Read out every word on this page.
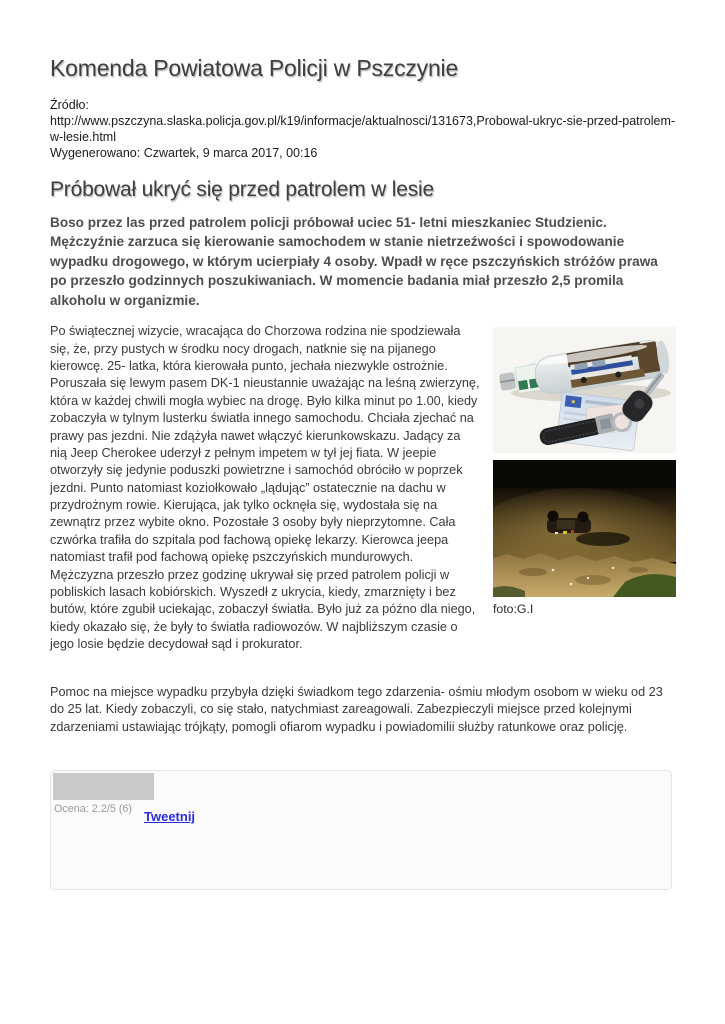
Komenda Powiatowa Policji w Pszczynie
Źródło:
http://www.pszczyna.slaska.policja.gov.pl/k19/informacje/aktualnosci/131673,Probowal-ukryc-sie-przed-patrolem-w-lesie.html
Wygenerowano: Czwartek, 9 marca 2017, 00:16
Próbował ukryć się przed patrolem w lesie

Boso przez las przed patrolem policji próbował uciec 51- letni mieszkaniec Studzienic. Mężczyźnie zarzuca się kierowanie samochodem w stanie nietrzeźwości i spowodowanie wypadku drogowego, w którym ucierpiały 4 osoby. Wpadł w ręce pszczyńskich stróżów prawa po przeszło godzinnych poszukiwaniach. W momencie badania miał przeszło 2,5 promila alkoholu w organizmie.

foto:G.I

Po świątecznej wizycie, wracająca do Chorzowa rodzina nie spodziewała się, że, przy pustych w środku nocy drogach, natknie się na pijanego kierowcę. 25- latka, która kierowała punto, jechała niezwykle ostrożnie. Poruszała się lewym pasem DK-1 nieustannie uważając na leśną zwierzynę, która w każdej chwili mogła wybiec na drogę. Było kilka minut po 1.00, kiedy zobaczyła w tylnym lusterku światła innego samochodu. Chciała zjechać na prawy pas jezdni. Nie zdążyła nawet włączyć kierunkowskazu. Jadący za nią Jeep Cherokee uderzył z pełnym impetem w tył jej fiata. W jeepie otworzyły się jedynie poduszki powietrzne i samochód obróciło w poprzek jezdni. Punto natomiast koziołkowało „lądując” ostatecznie na dachu w przydrożnym rowie. Kierująca, jak tylko ocknęła się, wydostała się na zewnątrz przez wybite okno. Pozostałe 3 osoby były nieprzytomne. Cała czwórka trafiła do szpitala pod fachową opiekę lekarzy. Kierowca jeepa natomiast trafił pod fachową opiekę pszczyńskich mundurowych. Mężczyzna przeszło przez godzinę ukrywał się przed patrolem policji w pobliskich lasach kobiórskich. Wyszedł z ukrycia, kiedy, zmarznięty i bez butów, które zgubił uciekając, zobaczył światła. Było już za późno dla niego, kiedy okazało się, że były to światła radiowozów. W najbliższym czasie o jego losie będzie decydował sąd i prokurator.

Pomoc na miejsce wypadku przybyła dzięki świadkom tego zdarzenia- ośmiu młodym osobom w wieku od 23 do 25 lat. Kiedy zobaczyli, co się stało, natychmiast zareagowali. Zabezpieczyli miejsce przed kolejnymi zdarzeniami ustawiając trójkąty, pomogli ofiarom wypadku i powiadomilii służby ratunkowe oraz policję.

Ocena: 2.2/5 (6) Tweetnij
